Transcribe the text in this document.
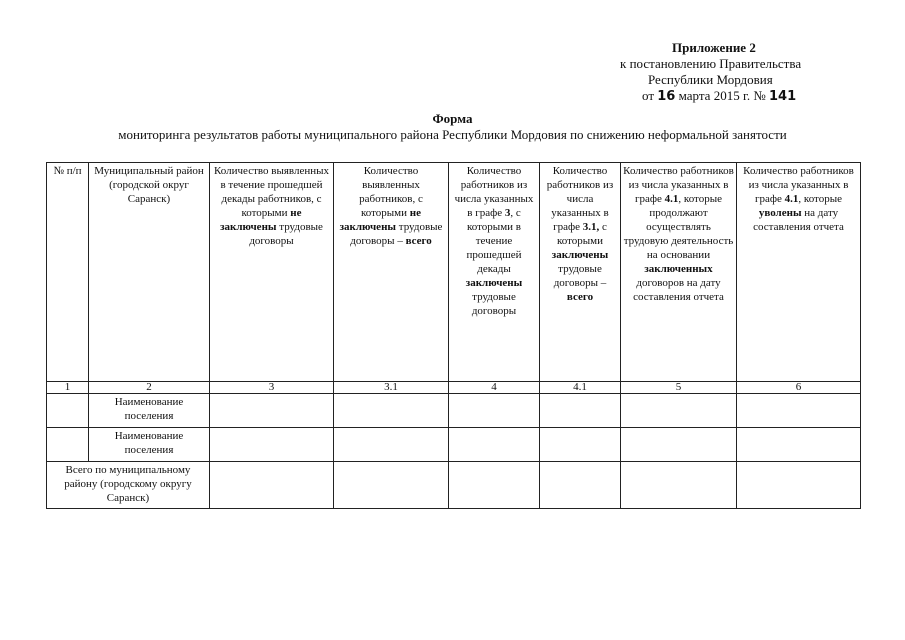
Приложение 2
к постановлению Правительства
Республики Мордовия
от 16 марта 2015 г. № 141
Форма
мониторинга результатов работы муниципального района Республики Мордовия по снижению неформальной занятости
№ п/п	Муниципальный район (городской округ Саранск)	Количество выявленных в течение прошедшей декады работников, с которыми не заключены трудовые договоры	Количество выявленных работников, с которыми не заключены трудовые договоры – всего	Количество работников из числа указанных в графе 3, с которыми в течение прошедшей декады заключены трудовые договоры	Количество работников из числа указанных в графе 3.1, с которыми заключены трудовые договоры – всего	Количество работников из числа указанных в графе 4.1, которые продолжают осуществлять трудовую деятельность на основании заключенных договоров на дату составления отчета	Количество работников из числа указанных в графе 4.1, которые уволены на дату составления отчета
1	2	3	3.1	4	4.1	5	6
	Наименование поселения						
	Наименование поселения						
Всего по муниципальному району (городскому округу Саранск)							
